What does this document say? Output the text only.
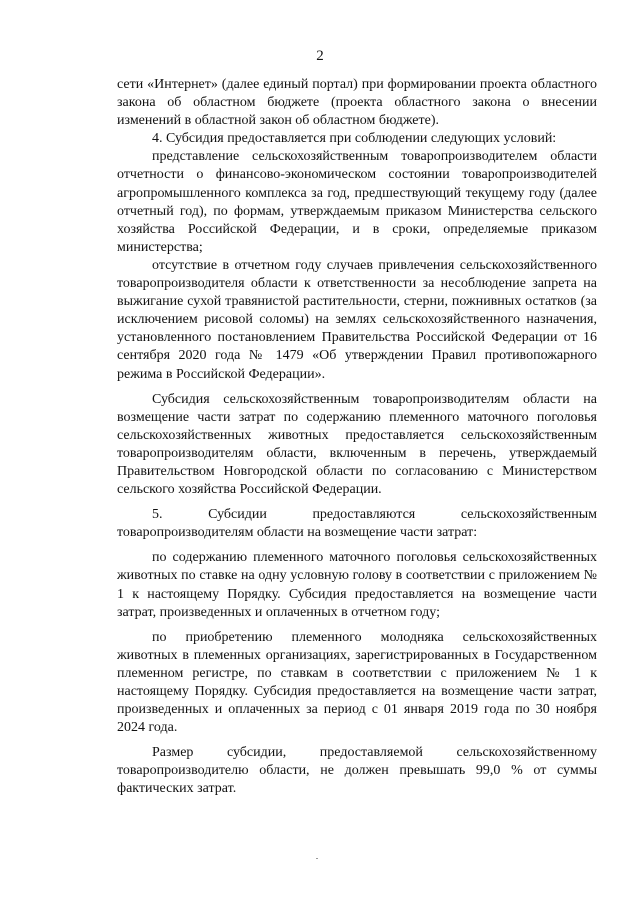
2

сети «Интернет» (далее единый портал) при формировании проекта областного закона об областном бюджете (проекта областного закона о внесении изменений в областной закон об областном бюджете).

4. Субсидия предоставляется при соблюдении следующих условий:

представление сельскохозяйственным товаропроизводителем области отчетности о финансово-экономическом состоянии товаропроизводителей агропромышленного комплекса за год, предшествующий текущему году (далее отчетный год), по формам, утверждаемым приказом Министерства сельского хозяйства Российской Федерации, и в сроки, определяемые приказом министерства;

отсутствие в отчетном году случаев привлечения сельскохозяйственного товаропроизводителя области к ответственности за несоблюдение запрета на выжигание сухой травянистой растительности, стерни, пожнивных остатков (за исключением рисовой соломы) на землях сельскохозяйственного назначения, установленного постановлением Правительства Российской Федерации от 16 сентября 2020 года № 1479 «Об утверждении Правил противопожарного режима в Российской Федерации».

Субсидия сельскохозяйственным товаропроизводителям области на возмещение части затрат по содержанию племенного маточного поголовья сельскохозяйственных животных предоставляется сельскохозяйственным товаропроизводителям области, включенным в перечень, утверждаемый Правительством Новгородской области по согласованию с Министерством сельского хозяйства Российской Федерации.

5. Субсидии предоставляются сельскохозяйственным товаропроизводителям области на возмещение части затрат:

по содержанию племенного маточного поголовья сельскохозяйственных животных по ставке на одну условную голову в соответствии с приложением № 1 к настоящему Порядку. Субсидия предоставляется на возмещение части затрат, произведенных и оплаченных в отчетном году;

по приобретению племенного молодняка сельскохозяйственных животных в племенных организациях, зарегистрированных в Государственном племенном регистре, по ставкам в соответствии с приложением № 1 к настоящему Порядку. Субсидия предоставляется на возмещение части затрат, произведенных и оплаченных за период с 01 января 2019 года по 30 ноября 2024 года.

Размер субсидии, предоставляемой сельскохозяйственному товаропроизводителю области, не должен превышать 99,0 % от суммы фактических затрат.
